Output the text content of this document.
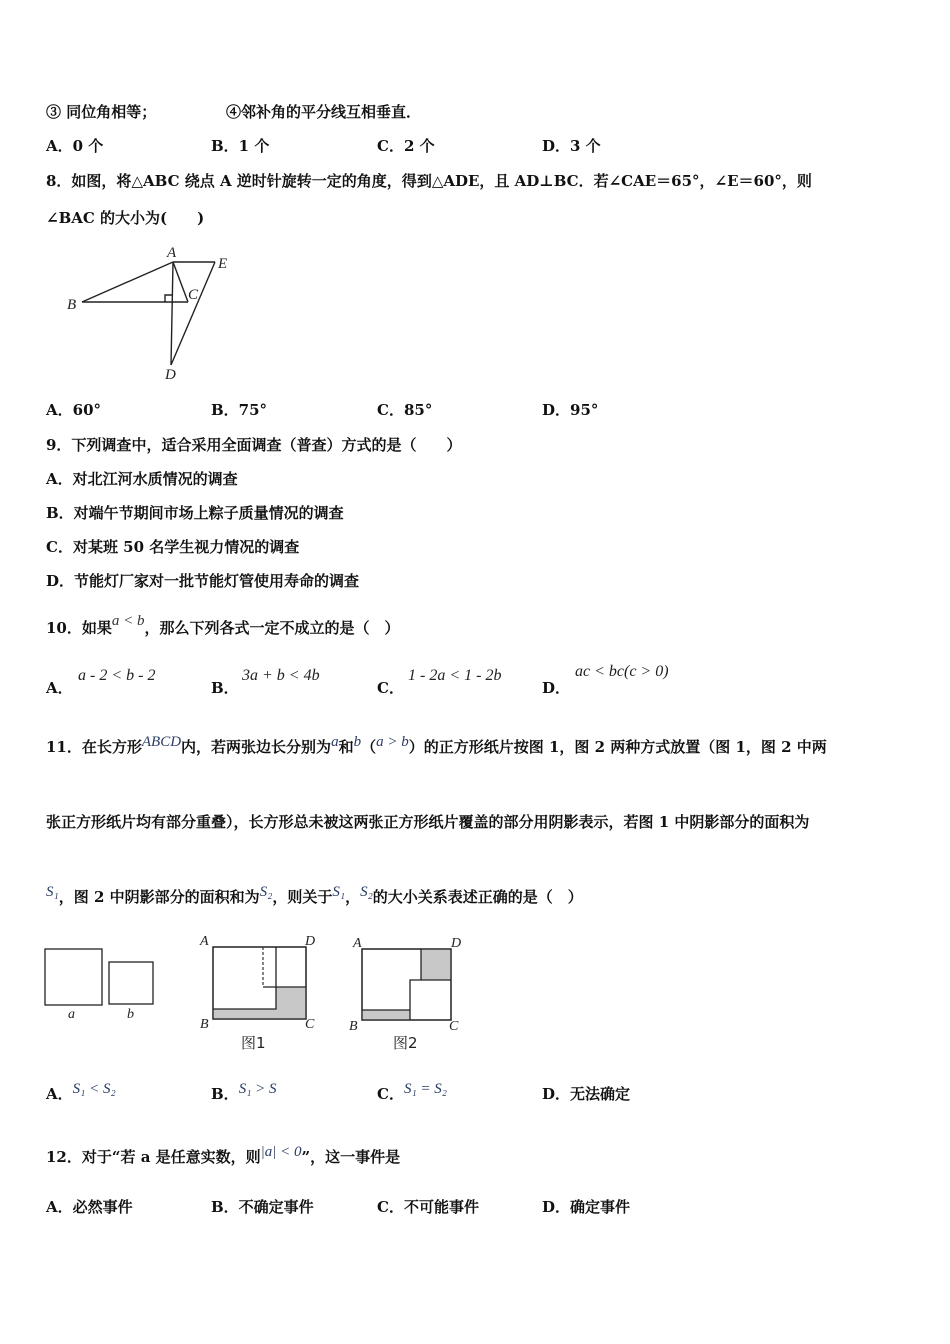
③ 同位角相等；	④邻补角的平分线互相垂直．
A．0 个	B．1 个	C．2 个	D．3 个
8．如图，将△ABC 绕点 A 逆时针旋转一定的角度，得到△ADE，且 AD⊥BC．若∠CAE＝65°，∠E＝60°，则
∠BAC 的大小为(　　)
A
B
C
D
E
A．60°	B．75°	C．85°	D．95°
9．下列调查中，适合采用全面调查（普查）方式的是（　　）
A．对北江河水质情况的调查
B．对端午节期间市场上粽子质量情况的调查
C．对某班 50 名学生视力情况的调查
D．节能灯厂家对一批节能灯管使用寿命的调查
10．如果a < b，那么下列各式一定不成立的是（　）
A．
a - 2 < b - 2
B．
3a + b < 4b
C．
1 - 2a < 1 - 2b
D．
ac < bc(c > 0)
11．在长方形ABCD内，若两张边长分别为a和b（a > b）的正方形纸片按图 1，图 2 两种方式放置（图 1，图 2 中两
张正方形纸片均有部分重叠），长方形总未被这两张正方形纸片覆盖的部分用阴影表示，若图 1 中阴影部分的面积为
S₁，图 2 中阴影部分的面积和为S₂，则关于S₁，S₂的大小关系表述正确的是（　）
a	b
A	D
B	C
图1
A	D
B	C
图2
A．S₁ < S₂	B．S₁ > S	C．S₁ = S₂	D．无法确定
12．对于“若 a 是任意实数，则|a| < 0”，这一事件是
A．必然事件	B．不确定事件	C．不可能事件	D．确定事件
